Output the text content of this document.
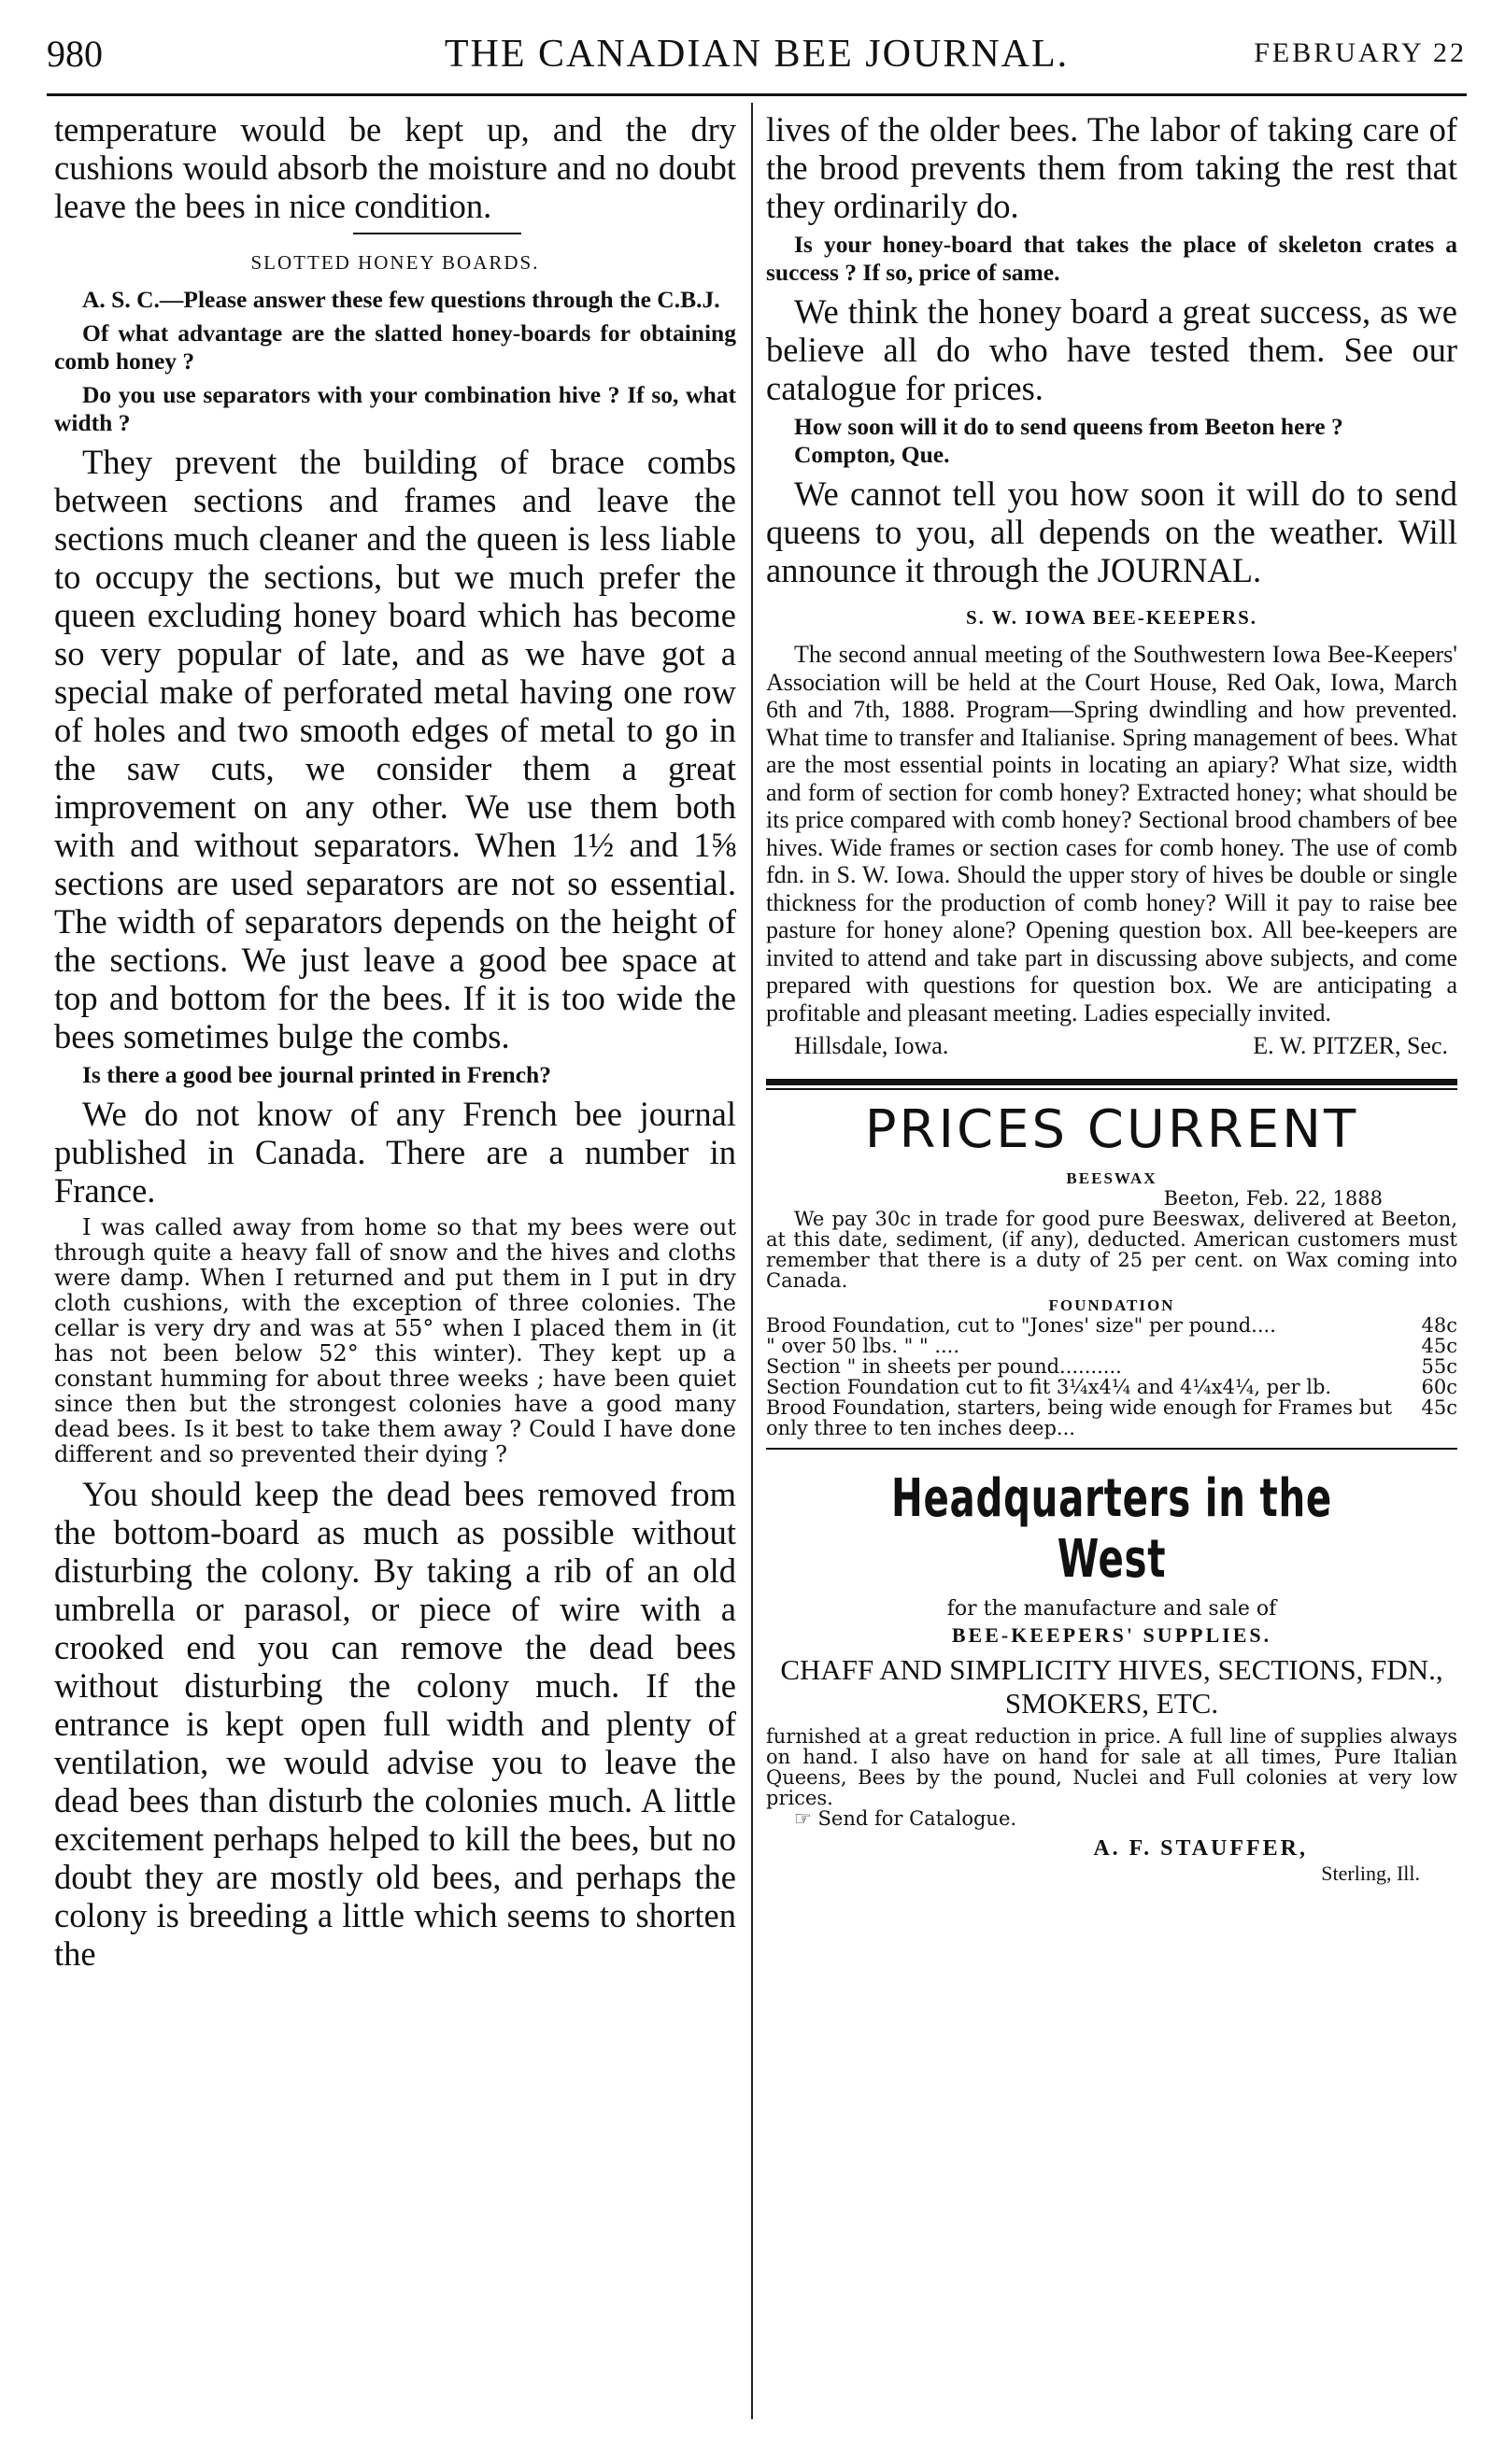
980	THE CANADIAN BEE JOURNAL.	FEBRUARY 22

temperature would be kept up, and the dry cushions would absorb the moisture and no doubt leave the bees in nice condition.

SLOTTED HONEY BOARDS.

A. S. C.—Please answer these few questions through the C.B.J.

Of what advantage are the slatted honey-boards for obtaining comb honey ?

Do you use separators with your combination hive ? If so, what width ?

They prevent the building of brace combs between sections and frames and leave the sections much cleaner and the queen is less liable to occupy the sections, but we much prefer the queen excluding honey board which has become so very popular of late, and as we have got a special make of perforated metal having one row of holes and two smooth edges of metal to go in the saw cuts, we consider them a great improvement on any other. We use them both with and without separators. When 1½ and 1⅝ sections are used separators are not so essential. The width of separators depends on the height of the sections. We just leave a good bee space at top and bottom for the bees. If it is too wide the bees sometimes bulge the combs.

Is there a good bee journal printed in French?

We do not know of any French bee journal published in Canada. There are a number in France.

I was called away from home so that my bees were out through quite a heavy fall of snow and the hives and cloths were damp. When I returned and put them in I put in dry cloth cushions, with the exception of three colonies. The cellar is very dry and was at 55° when I placed them in (it has not been below 52° this winter). They kept up a constant humming for about three weeks ; have been quiet since then but the strongest colonies have a good many dead bees. Is it best to take them away ? Could I have done different and so prevented their dying ?

You should keep the dead bees removed from the bottom-board as much as possible without disturbing the colony. By taking a rib of an old umbrella or parasol, or piece of wire with a crooked end you can remove the dead bees without disturbing the colony much. If the entrance is kept open full width and plenty of ventilation, we would advise you to leave the dead bees than disturb the colonies much. A little excitement perhaps helped to kill the bees, but no doubt they are mostly old bees, and perhaps the colony is breeding a little which seems to shorten the

lives of the older bees. The labor of taking care of the brood prevents them from taking the rest that they ordinarily do.

Is your honey-board that takes the place of skeleton crates a success ? If so, price of same.

We think the honey board a great success, as we believe all do who have tested them. See our catalogue for prices.

How soon will it do to send queens from Beeton here ?

Compton, Que.

We cannot tell you how soon it will do to send queens to you, all depends on the weather. Will announce it through the JOURNAL.

S. W. IOWA BEE-KEEPERS.

The second annual meeting of the Southwestern Iowa Bee-Keepers' Association will be held at the Court House, Red Oak, Iowa, March 6th and 7th, 1888. Program—Spring dwindling and how prevented. What time to transfer and Italianise. Spring management of bees. What are the most essential points in locating an apiary? What size, width and form of section for comb honey? Extracted honey; what should be its price compared with comb honey? Sectional brood chambers of bee hives. Wide frames or section cases for comb honey. The use of comb fdn. in S. W. Iowa. Should the upper story of hives be double or single thickness for the production of comb honey? Will it pay to raise bee pasture for honey alone? Opening question box. All bee-keepers are invited to attend and take part in discussing above subjects, and come prepared with questions for question box. We are anticipating a profitable and pleasant meeting. Ladies especially invited.

Hillsdale, Iowa.	E. W. PITZER, Sec.
PRICES CURRENT
BEESWAX
Beeton, Feb. 22, 1888

We pay 30c in trade for good pure Beeswax, delivered at Beeton, at this date, sediment, (if any), deducted. American customers must remember that there is a duty of 25 per cent. on Wax coming into Canada.

FOUNDATION
Brood Foundation, cut to "Jones' size" per pound....	48c
" over 50 lbs. " " ....	45c
Section " in sheets per pound..........	55c
Section Foundation cut to fit 3¼x4¼ and 4¼x4¼, per lb.	60c
Brood Foundation, starters, being wide enough for Frames but only three to ten inches deep...
45c
Headquarters in the West
for the manufacture and sale of
BEE-KEEPERS' SUPPLIES.
CHAFF AND SIMPLICITY HIVES, SECTIONS, FDN., SMOKERS, ETC.

furnished at a great reduction in price. A full line of supplies always on hand. I also have on hand for sale at all times, Pure Italian Queens, Bees by the pound, Nuclei and Full colonies at very low prices.

☞ Send for Catalogue.
A. F. STAUFFER,
Sterling, Ill.
